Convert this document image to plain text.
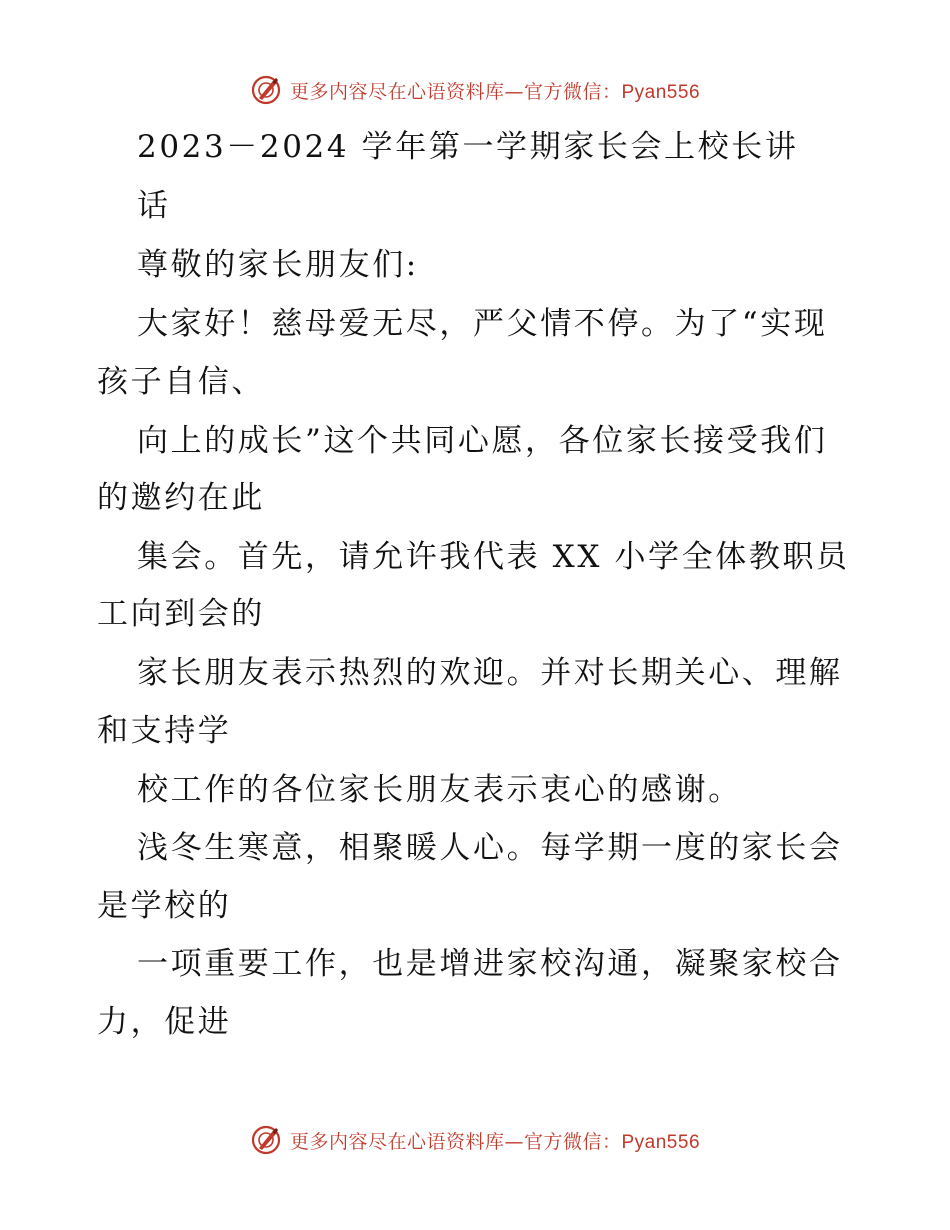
更多内容尽在心语资料库—官方微信：Pyan556
2023－2024 学年第一学期家长会上校长讲
话
尊敬的家长朋友们:
大家好！慈母爱无尽，严父情不停。为了“实现
孩子自信、
向上的成长”这个共同心愿，各位家长接受我们
的邀约在此
集会。首先，请允许我代表 XX 小学全体教职员
工向到会的
家长朋友表示热烈的欢迎。并对长期关心、理解
和支持学
校工作的各位家长朋友表示衷心的感谢。
浅冬生寒意，相聚暖人心。每学期一度的家长会
是学校的
一项重要工作，也是增进家校沟通，凝聚家校合
力，促进
更多内容尽在心语资料库—官方微信：Pyan556
